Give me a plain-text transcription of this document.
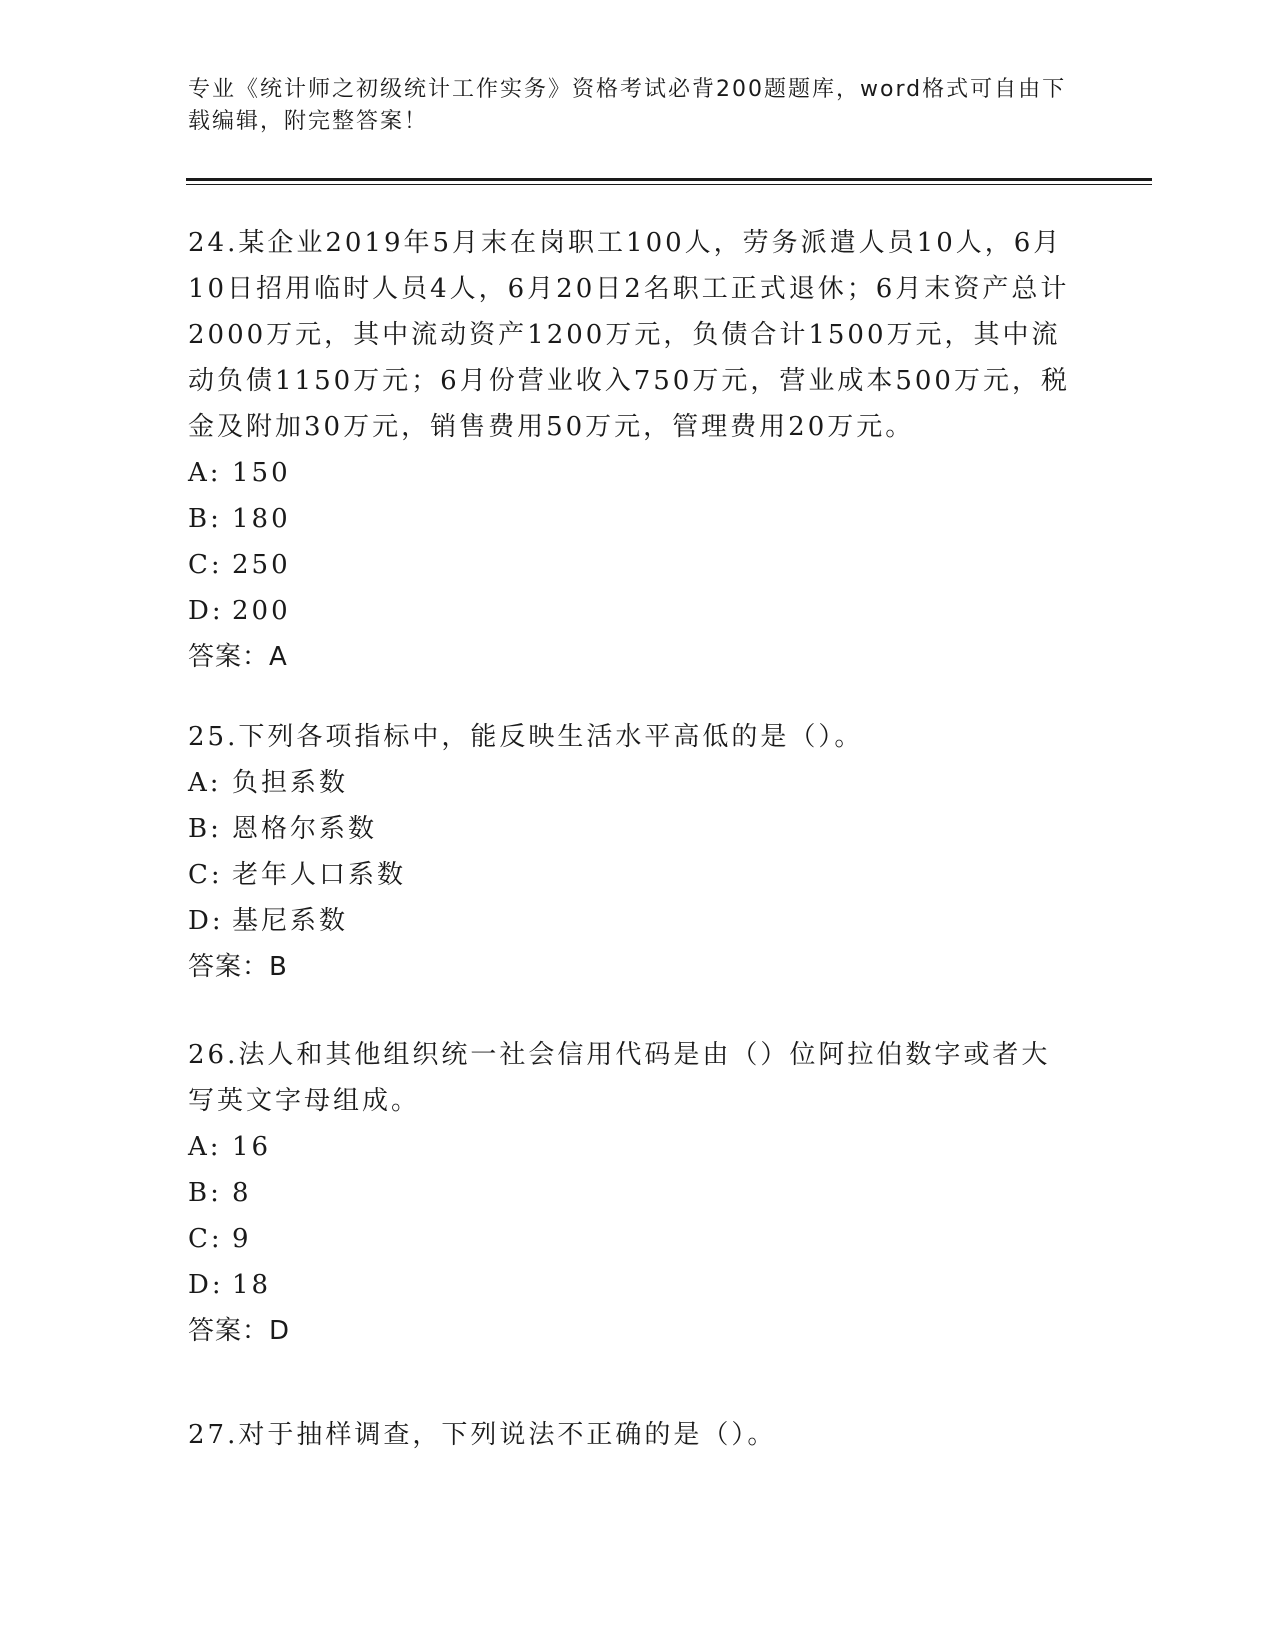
专业《统计师之初级统计工作实务》资格考试必背200题题库，word格式可自由下载编辑，附完整答案！

24.某企业2019年5月末在岗职工100人，劳务派遣人员10人，6月10日招用临时人员4人，6月20日2名职工正式退休；6月末资产总计2000万元，其中流动资产1200万元，负债合计1500万元，其中流动负债1150万元；6月份营业收入750万元，营业成本500万元，税金及附加30万元，销售费用50万元，管理费用20万元。

A: 150

B: 180

C: 250

D: 200

答案：A

25.下列各项指标中，能反映生活水平高低的是（）。

A: 负担系数

B: 恩格尔系数

C: 老年人口系数

D: 基尼系数

答案：B

26.法人和其他组织统一社会信用代码是由（）位阿拉伯数字或者大写英文字母组成。

A: 16

B: 8

C: 9

D: 18

答案：D

27.对于抽样调查，下列说法不正确的是（）。
